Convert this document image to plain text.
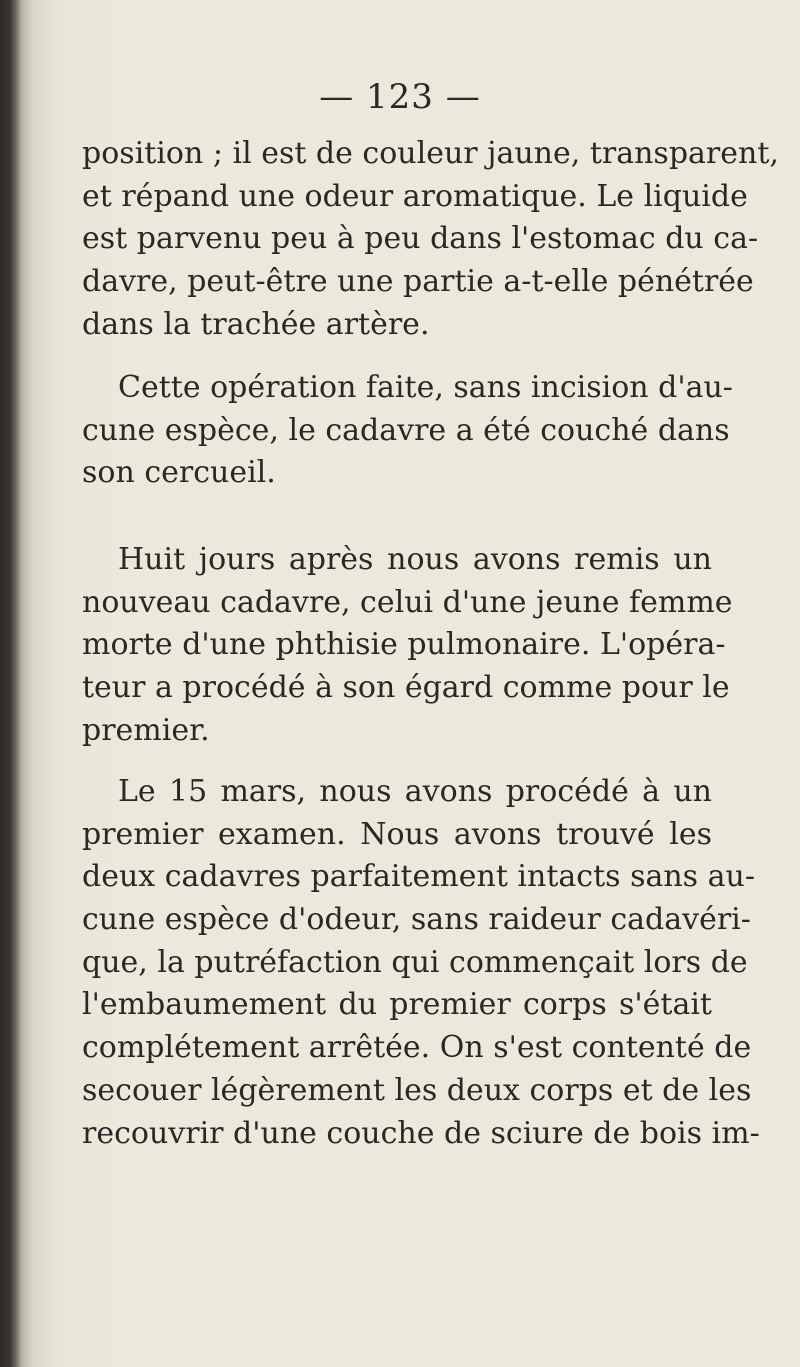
— 123 —
position ; il est de couleur jaune, transparent,
et répand une odeur aromatique. Le liquide
est parvenu peu à peu dans l'estomac du ca-
davre, peut-être une partie a-t-elle pénétrée
dans la trachée artère.
Cette opération faite, sans incision d'au-
cune espèce, le cadavre a été couché dans
son cercueil.
Huit jours après nous avons remis un
nouveau cadavre, celui d'une jeune femme
morte d'une phthisie pulmonaire. L'opéra-
teur a procédé à son égard comme pour le
premier.
Le 15 mars, nous avons procédé à un
premier examen. Nous avons trouvé les
deux cadavres parfaitement intacts sans au-
cune espèce d'odeur, sans raideur cadavéri-
que, la putréfaction qui commençait lors de
l'embaumement du premier corps s'était
complétement arrêtée. On s'est contenté de
secouer légèrement les deux corps et de les
recouvrir d'une couche de sciure de bois im-
